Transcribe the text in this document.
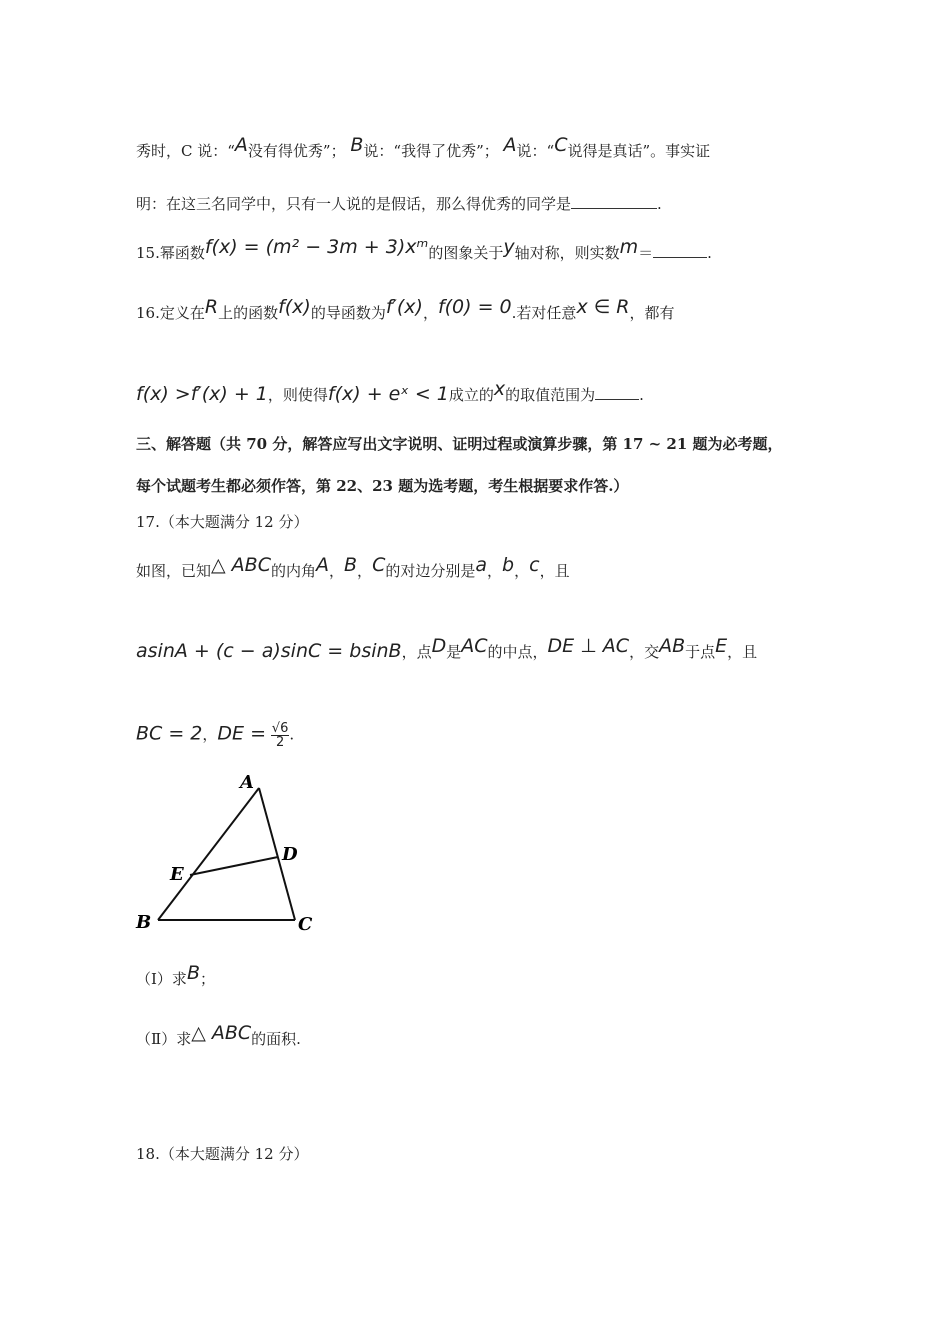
秀时，C 说：“A没有得优秀”； B说：“我得了优秀”； A说：“C说得是真话”。事实证
明：在这三名同学中，只有一人说的是假话，那么得优秀的同学是	.
15.幂函数f(x) = (m² − 3m + 3)xᵐ的图象关于y轴对称，则实数m＝	.
16.定义在R上的函数f(x)的导函数为f′(x)，f(0) = 0.若对任意x ∈ R，都有
f(x) >f′(x) + 1，则使得f(x) + eˣ < 1成立的x的取值范围为	.
三、解答题（共 70 分，解答应写出文字说明、证明过程或演算步骤，第 17 ~ 21 题为必考题，
每个试题考生都必须作答，第 22、23 题为选考题，考生根据要求作答.）
17.（本大题满分 12 分）
如图，已知△ ABC的内角A，B，C的对边分别是a，b，c，且
asinA + (c − a)sinC = bsinB，点D是AC的中点，DE ⊥ AC，交AB于点E，且
BC = 2，DE = $\frac{√6}{2}$ .
A
B	C
D
E
（Ⅰ）求B；
（Ⅱ）求△ ABC的面积.
18.（本大题满分 12 分）
